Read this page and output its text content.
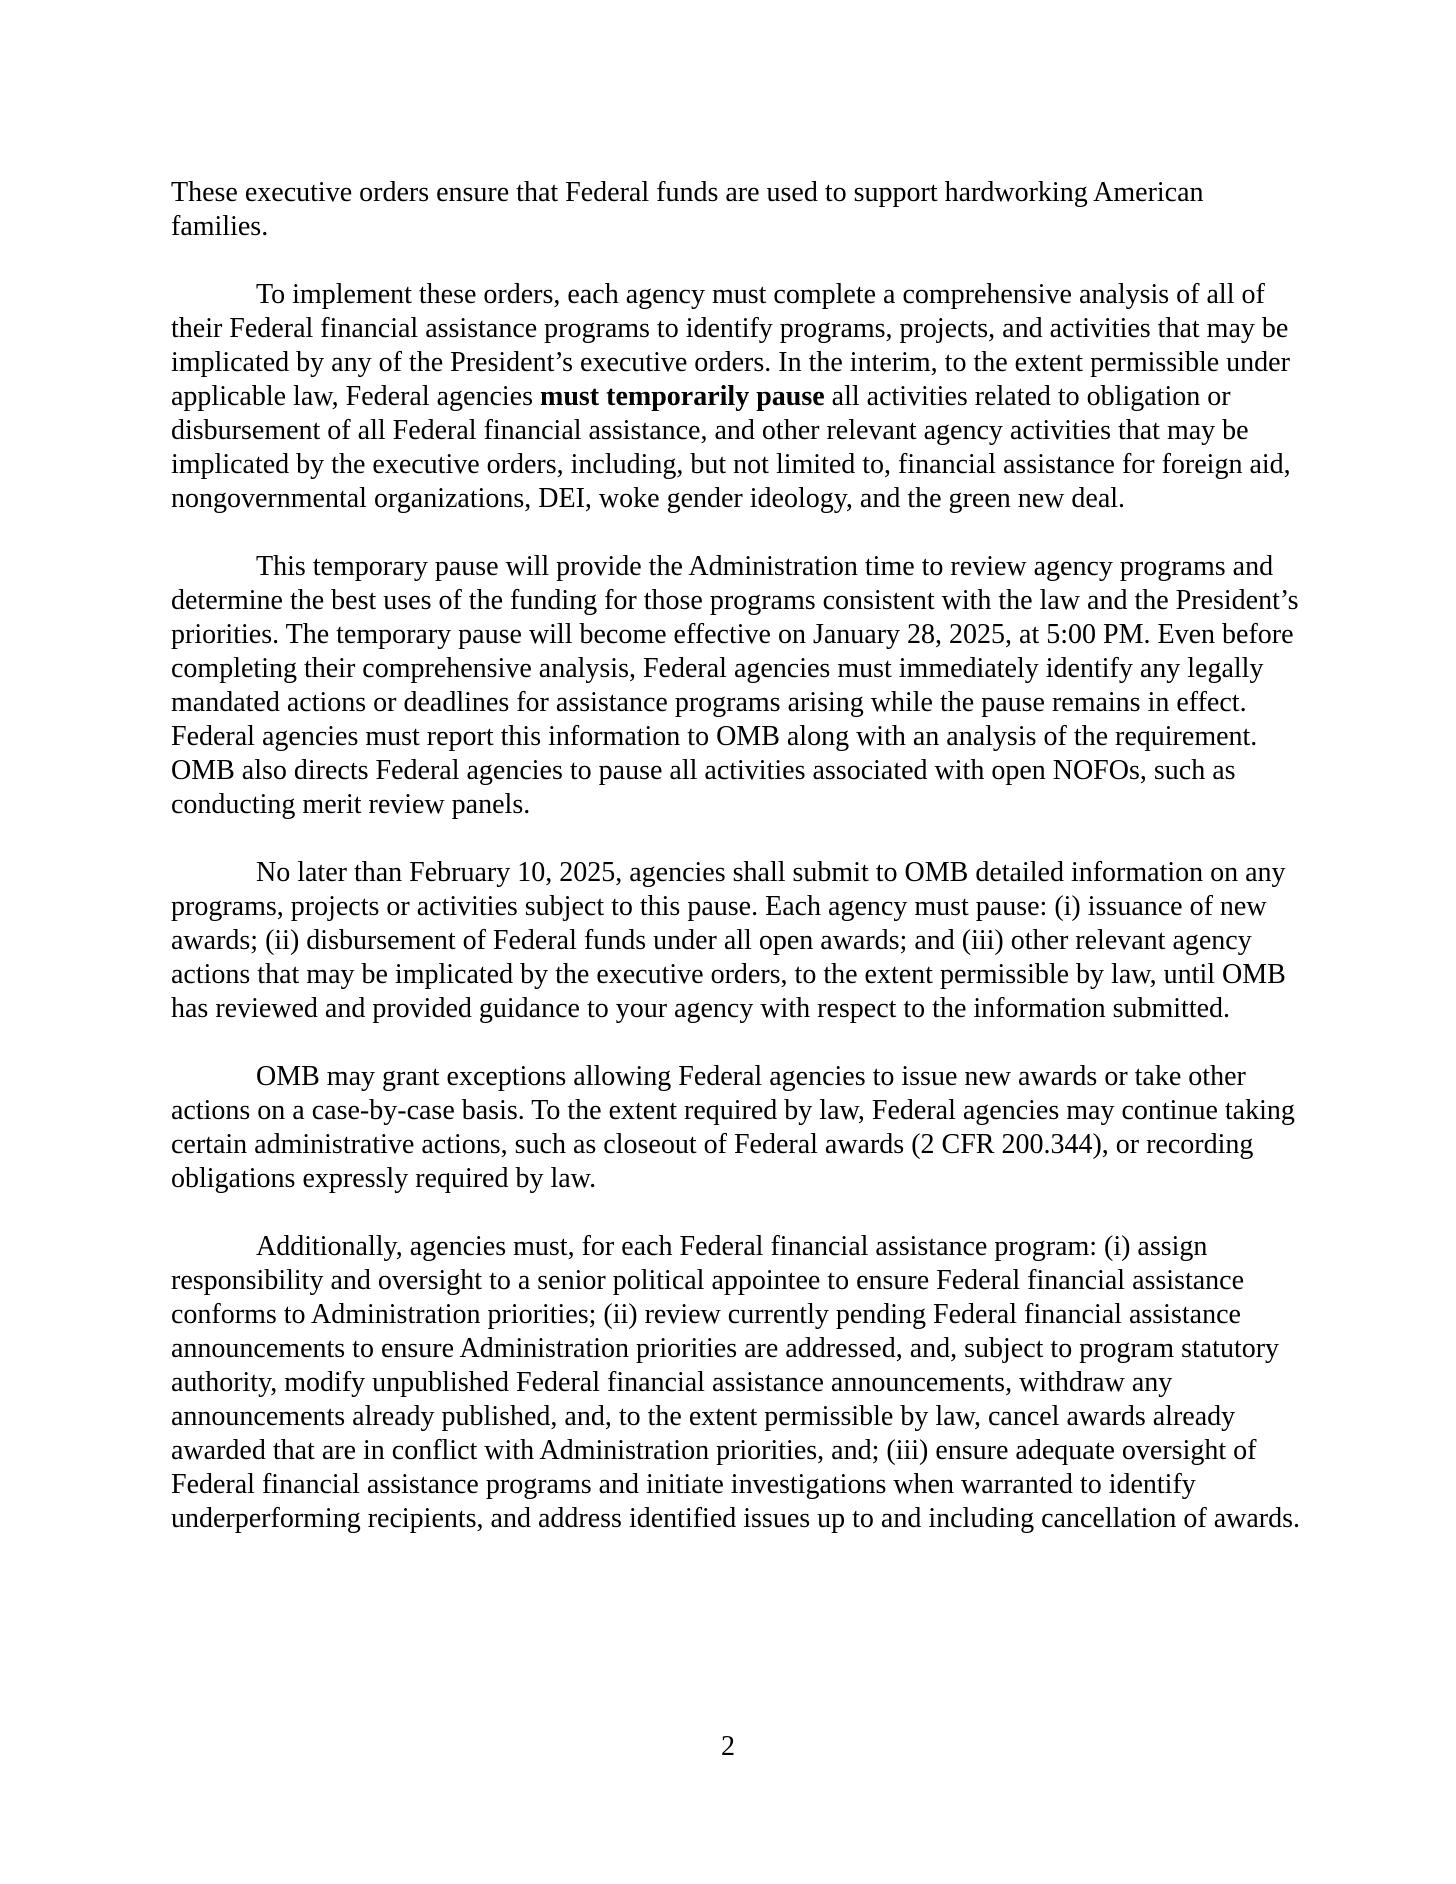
These executive orders ensure that Federal funds are used to support hardworking American families.

To implement these orders, each agency must complete a comprehensive analysis of all of their Federal financial assistance programs to identify programs, projects, and activities that may be implicated by any of the President’s executive orders. In the interim, to the extent permissible under applicable law, Federal agencies must temporarily pause all activities related to obligation or disbursement of all Federal financial assistance, and other relevant agency activities that may be implicated by the executive orders, including, but not limited to, financial assistance for foreign aid, nongovernmental organizations, DEI, woke gender ideology, and the green new deal.

This temporary pause will provide the Administration time to review agency programs and determine the best uses of the funding for those programs consistent with the law and the President’s priorities. The temporary pause will become effective on January 28, 2025, at 5:00 PM. Even before completing their comprehensive analysis, Federal agencies must immediately identify any legally mandated actions or deadlines for assistance programs arising while the pause remains in effect. Federal agencies must report this information to OMB along with an analysis of the requirement. OMB also directs Federal agencies to pause all activities associated with open NOFOs, such as conducting merit review panels.

No later than February 10, 2025, agencies shall submit to OMB detailed information on any programs, projects or activities subject to this pause. Each agency must pause: (i) issuance of new awards; (ii) disbursement of Federal funds under all open awards; and (iii) other relevant agency actions that may be implicated by the executive orders, to the extent permissible by law, until OMB has reviewed and provided guidance to your agency with respect to the information submitted.

OMB may grant exceptions allowing Federal agencies to issue new awards or take other actions on a case-by-case basis. To the extent required by law, Federal agencies may continue taking certain administrative actions, such as closeout of Federal awards (2 CFR 200.344), or recording obligations expressly required by law.

Additionally, agencies must, for each Federal financial assistance program: (i) assign responsibility and oversight to a senior political appointee to ensure Federal financial assistance conforms to Administration priorities; (ii) review currently pending Federal financial assistance announcements to ensure Administration priorities are addressed, and, subject to program statutory authority, modify unpublished Federal financial assistance announcements, withdraw any announcements already published, and, to the extent permissible by law, cancel awards already awarded that are in conflict with Administration priorities, and; (iii) ensure adequate oversight of Federal financial assistance programs and initiate investigations when warranted to identify underperforming recipients, and address identified issues up to and including cancellation of awards.

2
